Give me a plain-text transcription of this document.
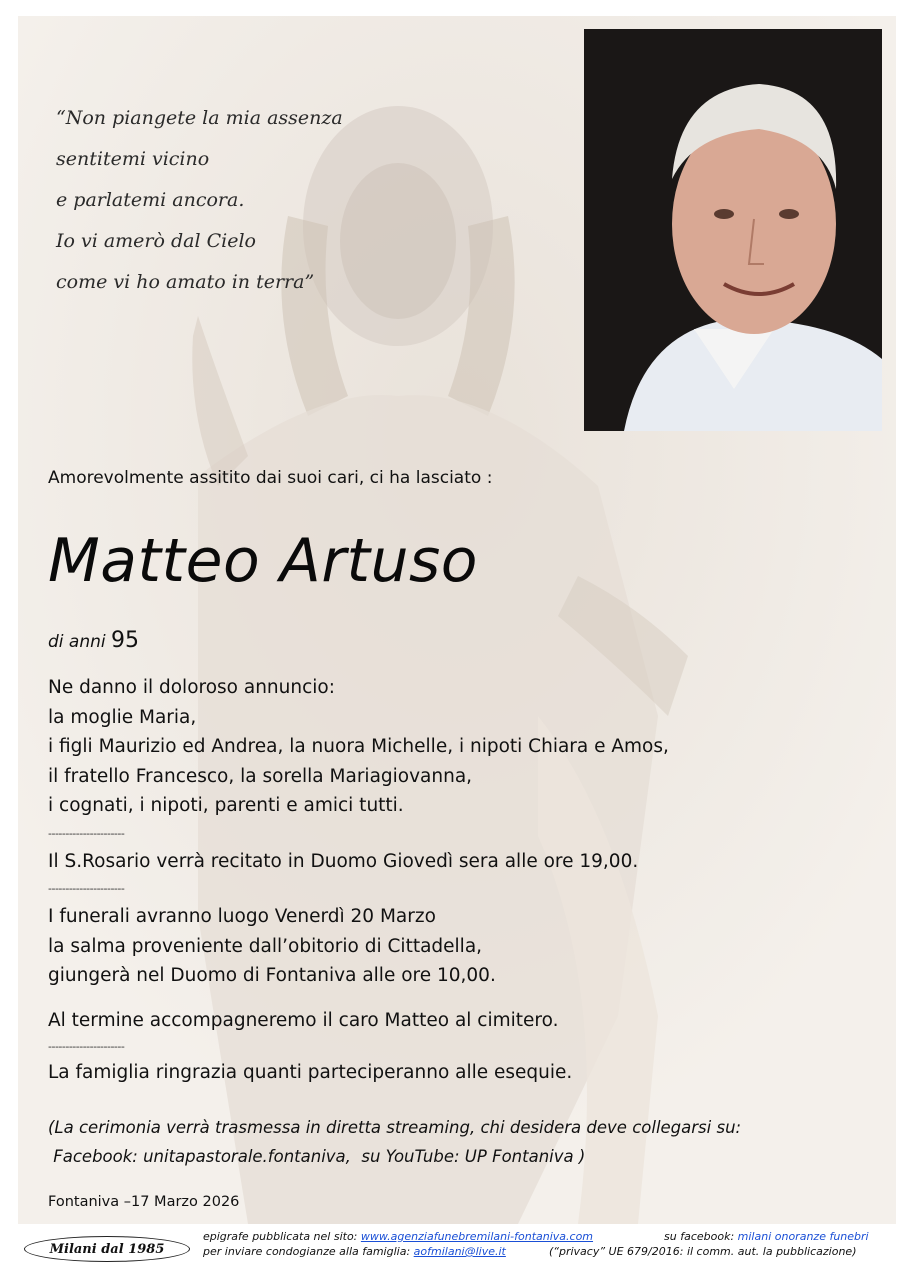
“Non piangete la mia assenza
sentitemi vicino
e parlatemi ancora.
Io vi amerò dal Cielo
come vi ho amato in terra”
Amorevolmente assitito dai suoi cari, ci ha lasciato :
Matteo Artuso
di anni 95
Ne danno il doloroso annuncio:
la moglie Maria,
i figli Maurizio ed Andrea, la nuora Michelle, i nipoti Chiara e Amos,
il fratello Francesco, la sorella Mariagiovanna,
i cognati, i nipoti, parenti e amici tutti.
----------------------
Il S.Rosario verrà recitato in Duomo Giovedì sera alle ore 19,00.
----------------------
I funerali avranno luogo Venerdì 20 Marzo
la salma proveniente dall’obitorio di Cittadella,
giungerà nel Duomo di Fontaniva alle ore 10,00.
Al termine accompagneremo il caro Matteo al cimitero.
----------------------
La famiglia ringrazia quanti parteciperanno alle esequie.
(La cerimonia verrà trasmessa in diretta streaming, chi desidera deve collegarsi su:
Facebook: unitapastorale.fontaniva,  su YouTube: UP Fontaniva )
Fontaniva –17 Marzo 2026
Milani dal 1985
epigrafe pubblicata nel sito: www.agenziafunebremilani-fontaniva.com	su facebook: milani onoranze funebri
per inviare condogianze alla famiglia: aofmilani@live.it	(“privacy” UE 679/2016: il comm. aut. la pubblicazione)
